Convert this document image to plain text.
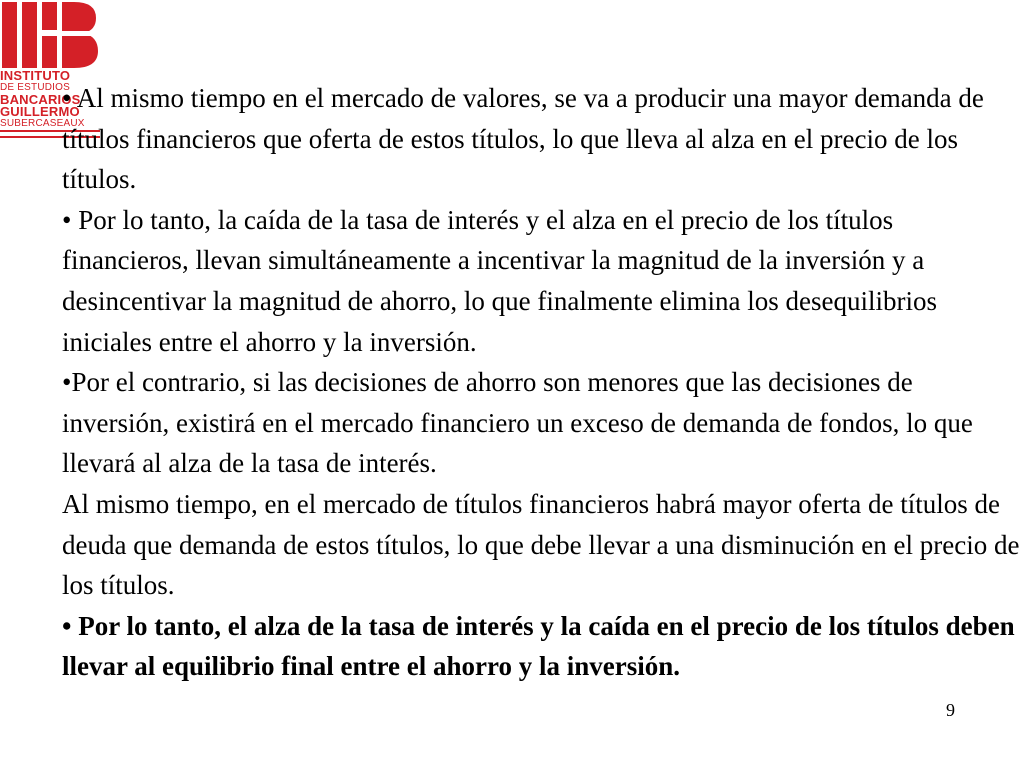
INSTITUTO
DE ESTUDIOS
BANCARIOS
GUILLERMO
SUBERCASEAUX

• Al mismo tiempo en el mercado de valores, se va a producir una mayor demanda de títulos financieros que oferta de estos títulos, lo que lleva al alza en el precio de los títulos.

• Por lo tanto, la caída de la tasa de interés y el alza en el precio de los títulos financieros, llevan simultáneamente a incentivar la magnitud de la inversión y a desincentivar la magnitud de ahorro, lo que finalmente elimina los desequilibrios iniciales entre el ahorro y la inversión.

•Por el contrario, si las decisiones de ahorro son menores que las decisiones de inversión, existirá en el mercado financiero un exceso de demanda de fondos, lo que llevará al alza de la tasa de interés.

Al mismo tiempo, en el mercado de títulos financieros habrá mayor oferta de títulos de deuda que demanda de estos títulos, lo que debe llevar a una disminución en el precio de los títulos.

• Por lo tanto, el alza de la tasa de interés y la caída en el precio de los títulos deben llevar al equilibrio final entre el ahorro y la inversión.

9
